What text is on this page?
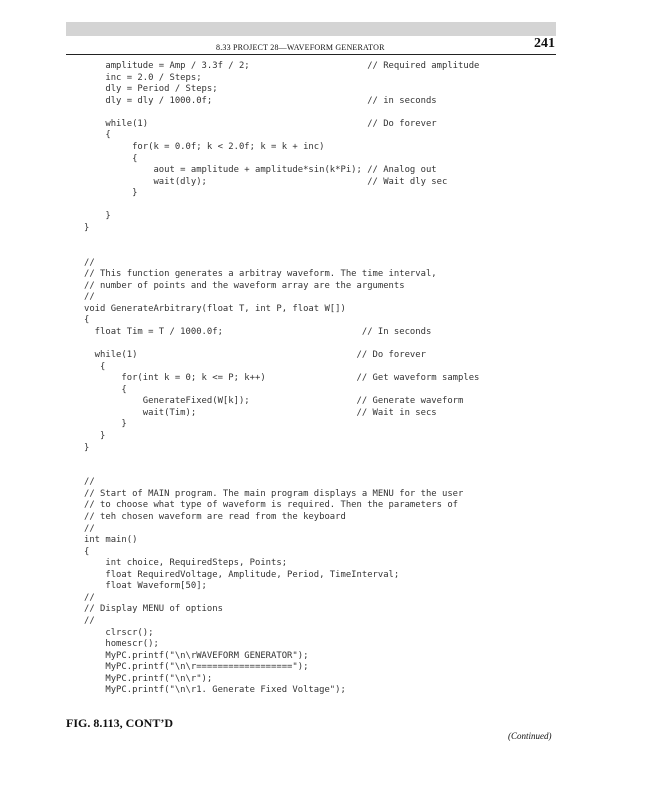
8.33 PROJECT 28—WAVEFORM GENERATOR	241
amplitude = Amp / 3.3f / 2;                      // Required amplitude
inc = 2.0 / Steps;
dly = Period / Steps;
dly = dly / 1000.0f;                             // in seconds
while(1)                                         // Do forever
{
for(k = 0.0f; k < 2.0f; k = k + inc)
{
aout = amplitude + amplitude*sin(k*Pi); // Analog out
wait(dly);                              // Wait dly sec
}
}
}
//
// This function generates a arbitray waveform. The time interval,
// number of points and the waveform array are the arguments
//
void GenerateArbitrary(float T, int P, float W[])
{
float Tim = T / 1000.0f;                          // In seconds
while(1)                                         // Do forever
{
for(int k = 0; k <= P; k++)                 // Get waveform samples
{
GenerateFixed(W[k]);                    // Generate waveform
wait(Tim);                              // Wait in secs
}
}
}
//
// Start of MAIN program. The main program displays a MENU for the user
// to choose what type of waveform is required. Then the parameters of
// teh chosen waveform are read from the keyboard
//
int main()
{
int choice, RequiredSteps, Points;
float RequiredVoltage, Amplitude, Period, TimeInterval;
float Waveform[50];
//
// Display MENU of options
//
clrscr();
homescr();
MyPC.printf("\n\rWAVEFORM GENERATOR");
MyPC.printf("\n\r==================");
MyPC.printf("\n\r");
MyPC.printf("\n\r1. Generate Fixed Voltage");
FIG. 8.113, CONT’D
(Continued)
